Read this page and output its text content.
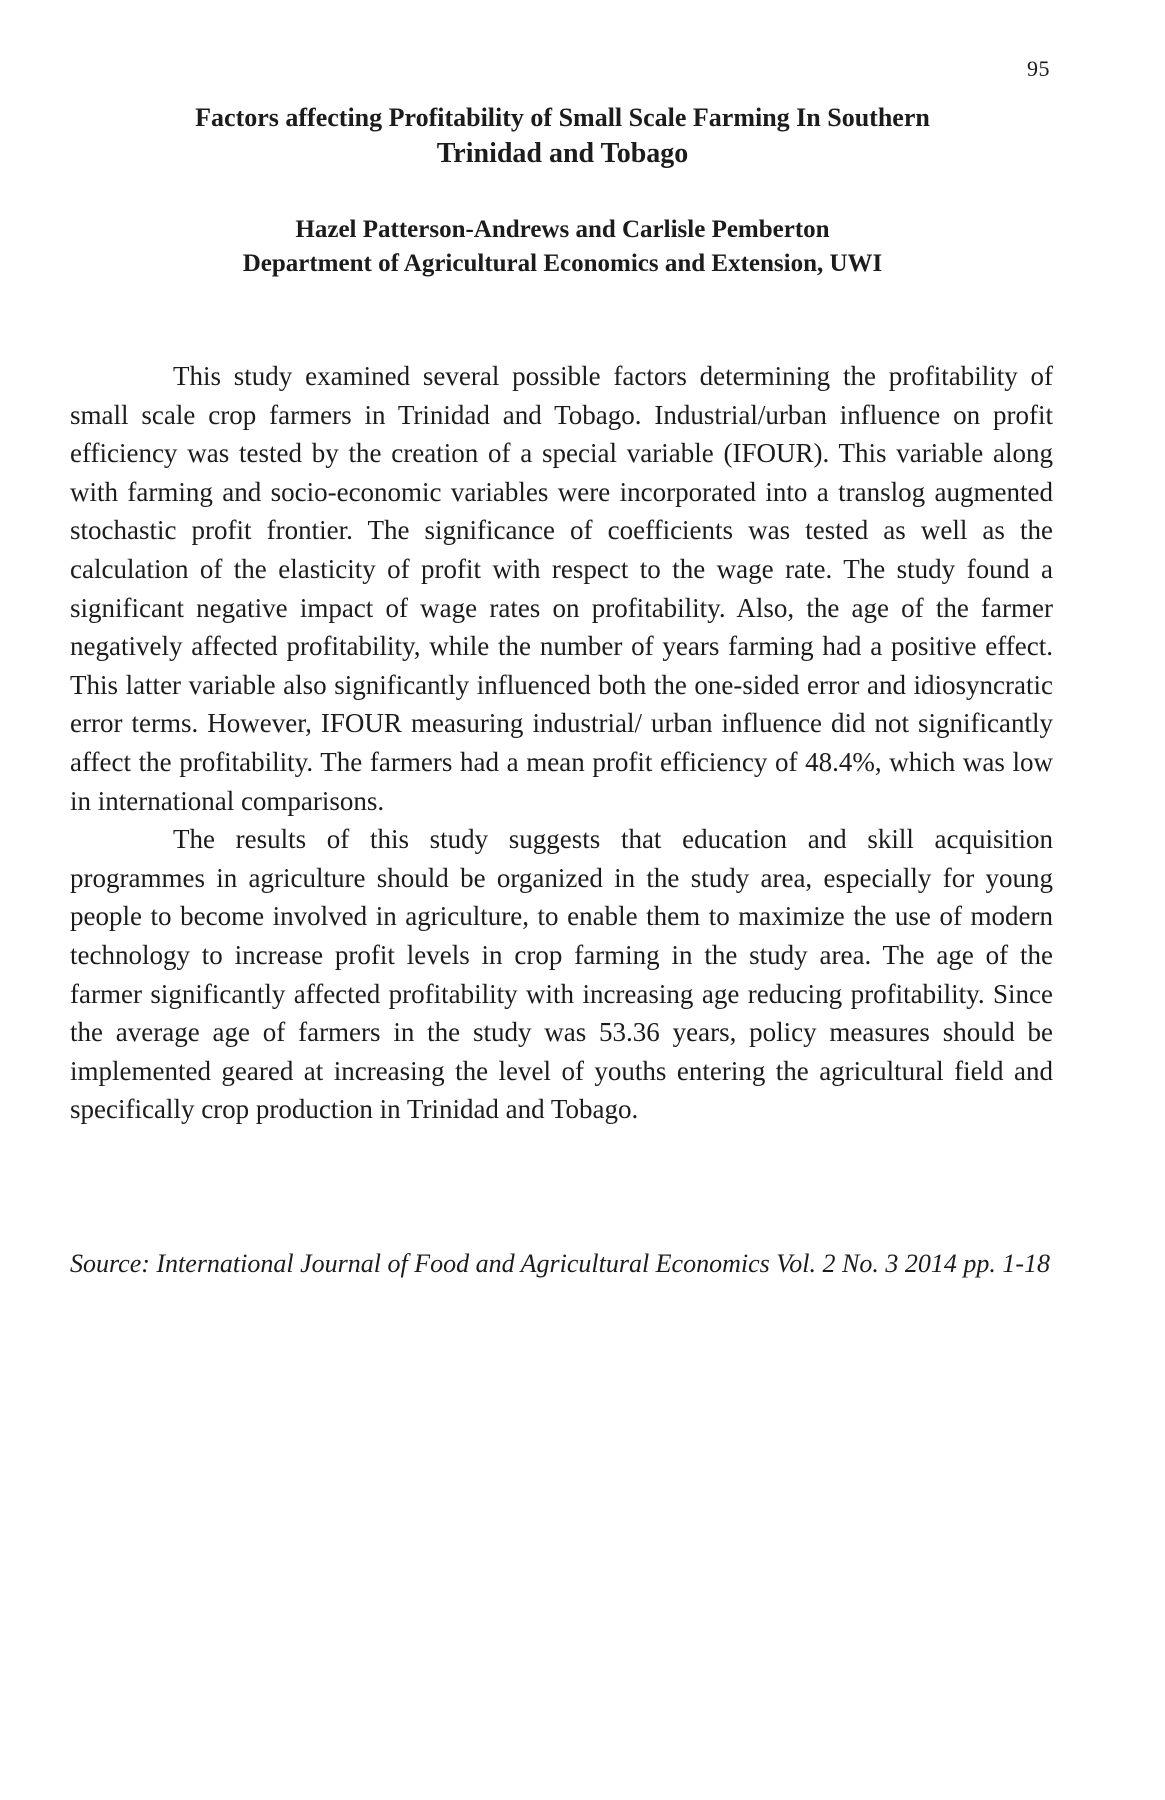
95
Factors affecting Profitability of Small Scale Farming In Southern
Trinidad and Tobago
Hazel Patterson-Andrews and Carlisle Pemberton
Department of Agricultural Economics and Extension, UWI

This study examined several possible factors determining the profitability of small scale crop farmers in Trinidad and Tobago. Industrial/urban influence on profit efficiency was tested by the creation of a special variable (IFOUR). This variable along with farming and socio-economic variables were incorporated into a translog augmented stochastic profit frontier. The significance of coefficients was tested as well as the calculation of the elasticity of profit with respect to the wage rate. The study found a significant negative impact of wage rates on profitability. Also, the age of the farmer negatively affected profitability, while the number of years farming had a positive effect. This latter variable also significantly influenced both the one-sided error and idiosyncratic error terms. However, IFOUR measuring industrial/ urban influence did not significantly affect the profitability. The farmers had a mean profit efficiency of 48.4%, which was low in international comparisons.

The results of this study suggests that education and skill acquisition programmes in agriculture should be organized in the study area, especially for young people to become involved in agriculture, to enable them to maximize the use of modern technology to increase profit levels in crop farming in the study area. The age of the farmer significantly affected profitability with increasing age reducing profitability. Since the average age of farmers in the study was 53.36 years, policy measures should be implemented geared at increasing the level of youths entering the agricultural field and specifically crop production in Trinidad and Tobago.

Source: International Journal of Food and Agricultural Economics Vol. 2 No. 3 2014 pp. 1-18
